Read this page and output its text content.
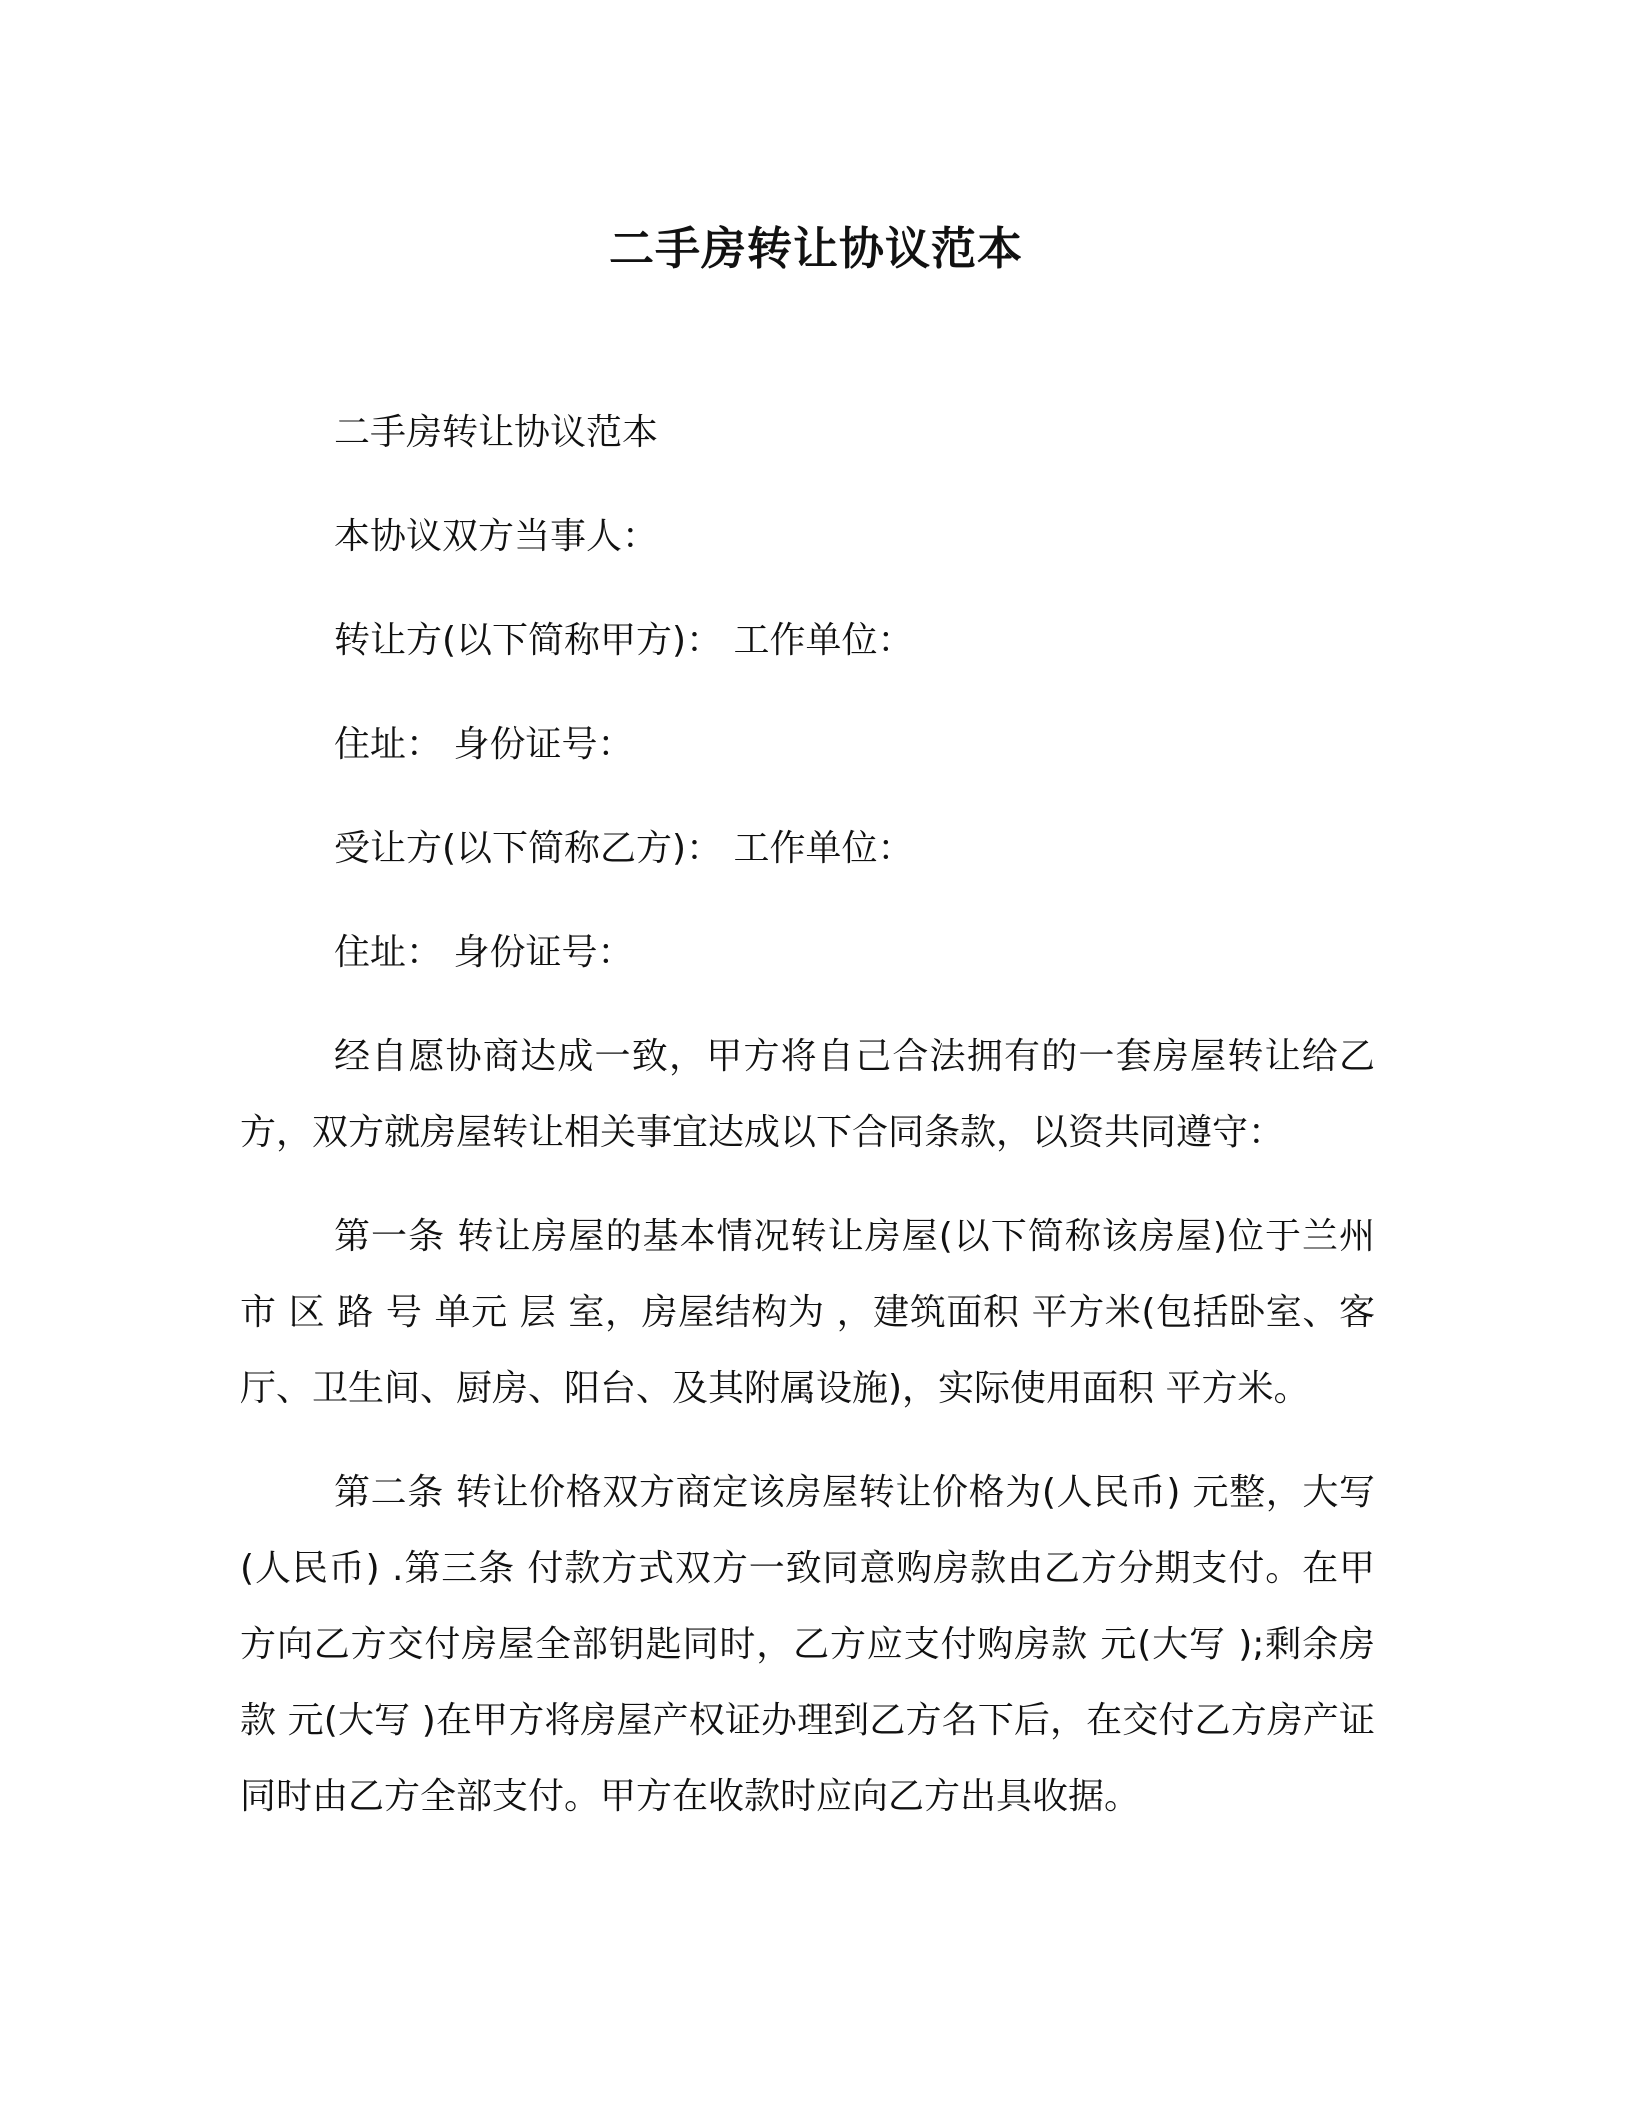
二手房转让协议范本

二手房转让协议范本

本协议双方当事人：

转让方(以下简称甲方)： 工作单位：

住址： 身份证号：

受让方(以下简称乙方)： 工作单位：

住址： 身份证号：

经自愿协商达成一致，甲方将自己合法拥有的一套房屋转让给乙方，双方就房屋转让相关事宜达成以下合同条款，以资共同遵守：

第一条 转让房屋的基本情况转让房屋(以下简称该房屋)位于兰州市 区 路 号 单元 层 室，房屋结构为 ，建筑面积 平方米(包括卧室、客厅、卫生间、厨房、阳台、及其附属设施)，实际使用面积 平方米。

第二条 转让价格双方商定该房屋转让价格为(人民币) 元整，大写(人民币) .第三条 付款方式双方一致同意购房款由乙方分期支付。在甲方向乙方交付房屋全部钥匙同时，乙方应支付购房款 元(大写 );剩余房款 元(大写 )在甲方将房屋产权证办理到乙方名下后，在交付乙方房产证同时由乙方全部支付。甲方在收款时应向乙方出具收据。
